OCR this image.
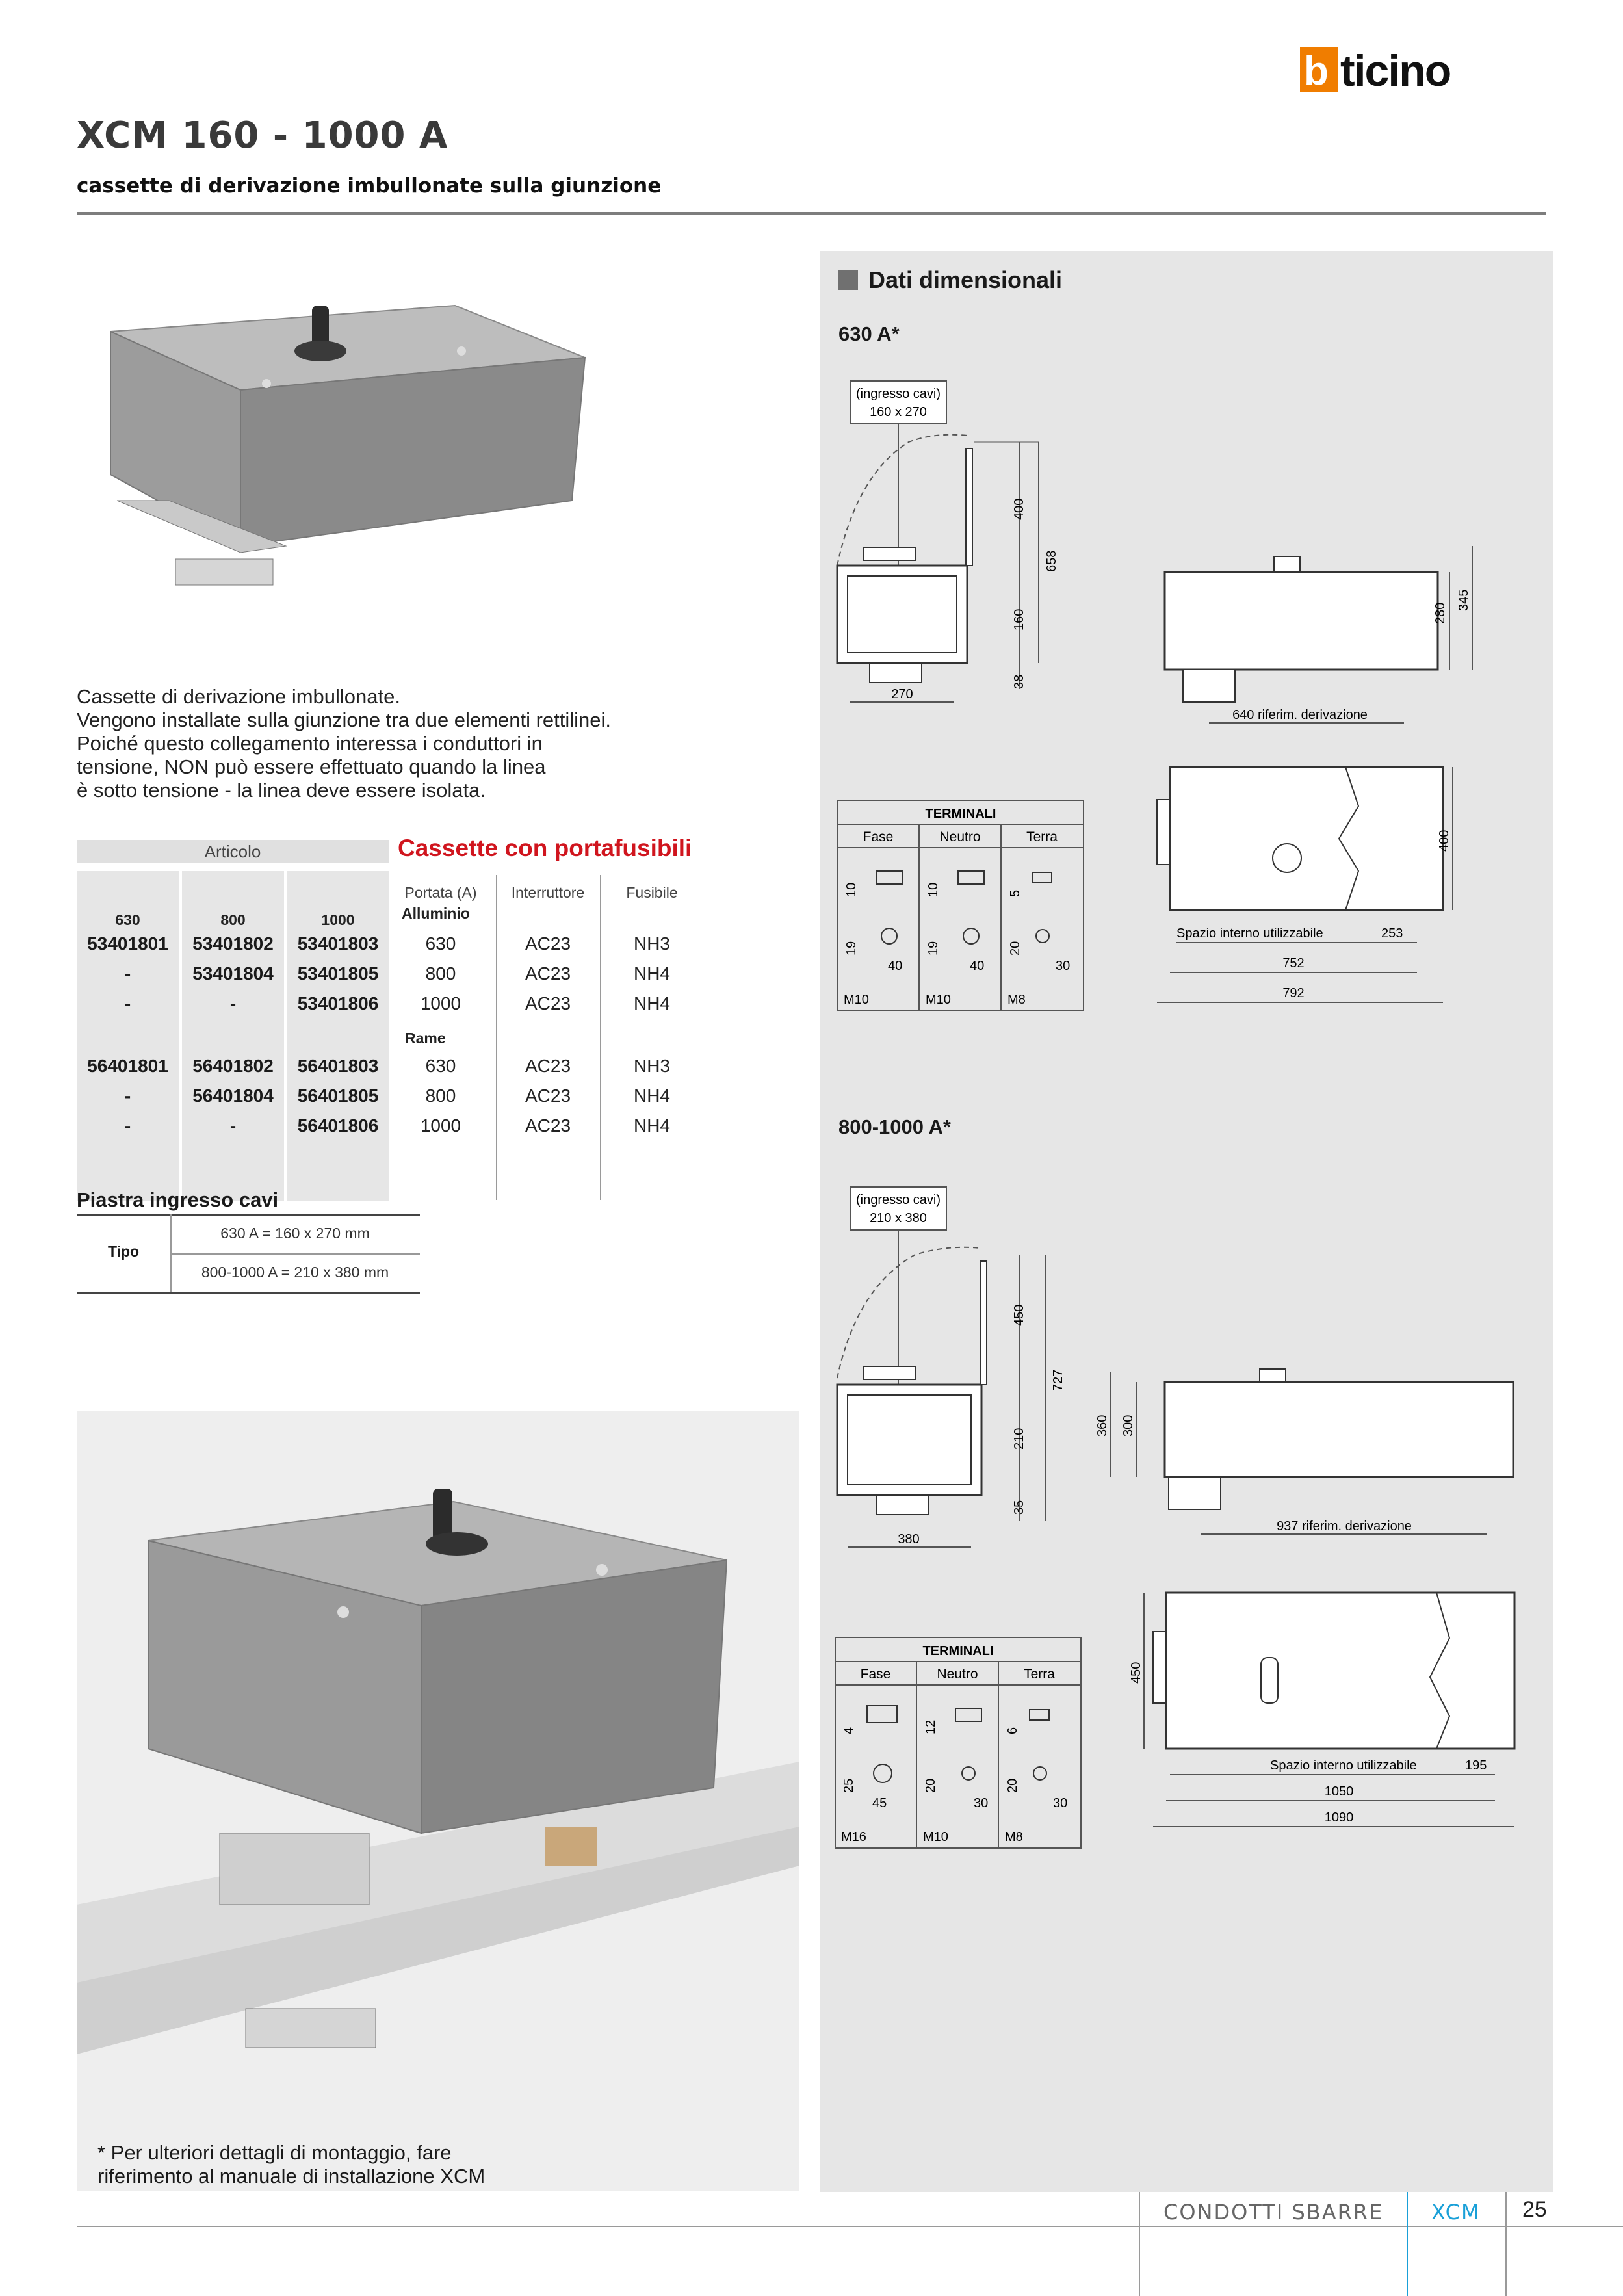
b ticino
XCM 160 - 1000 A
cassette di derivazione imbullonate sulla giunzione
Cassette di derivazione imbullonate.
Vengono installate sulla giunzione tra due elementi rettilinei.
Poiché questo collegamento interessa i conduttori in
tensione, NON può essere effettuato quando la linea
è sotto tensione - la linea deve essere isolata.
Articolo	Cassette con portafusibili
630	800	1000
Portata (A)	Interruttore	Fusibile
Alluminio
Rame
53401801	53401802	53401803	630	AC23	NH3
-	53401804	53401805	800	AC23	NH4
-	-	53401806	1000	AC23	NH4
56401801	56401802	56401803	630	AC23	NH3
-	56401804	56401805	800	AC23	NH4
-	-	56401806	1000	AC23	NH4
Piastra ingresso cavi
Tipo
630 A = 160 x 270 mm
800-1000 A = 210 x 380 mm
* Per ulteriori dettagli di montaggio, fare
riferimento al manuale di installazione XCM
Dati dimensionali
630 A*
800-1000 A*
(ingresso cavi)
160 x 270
400
658
160
38
270
280
345
640 riferim. derivazione
400
Spazio interno utilizzabile	253
752
792
TERMINALI
Fase	Neutro	Terra
10	10	5
19	19	20
40	40	30
M10	M10	M8
(ingresso cavi)
210 x 380
450
727
210
35
380
360 300
937 riferim. derivazione
450
Spazio interno utilizzabile	195
1050
1090
TERMINALI
Fase	Neutro	Terra
4	12	6
25	20	20
45	30	30
M16	M10	M8
CONDOTTI SBARRE XCM 25
